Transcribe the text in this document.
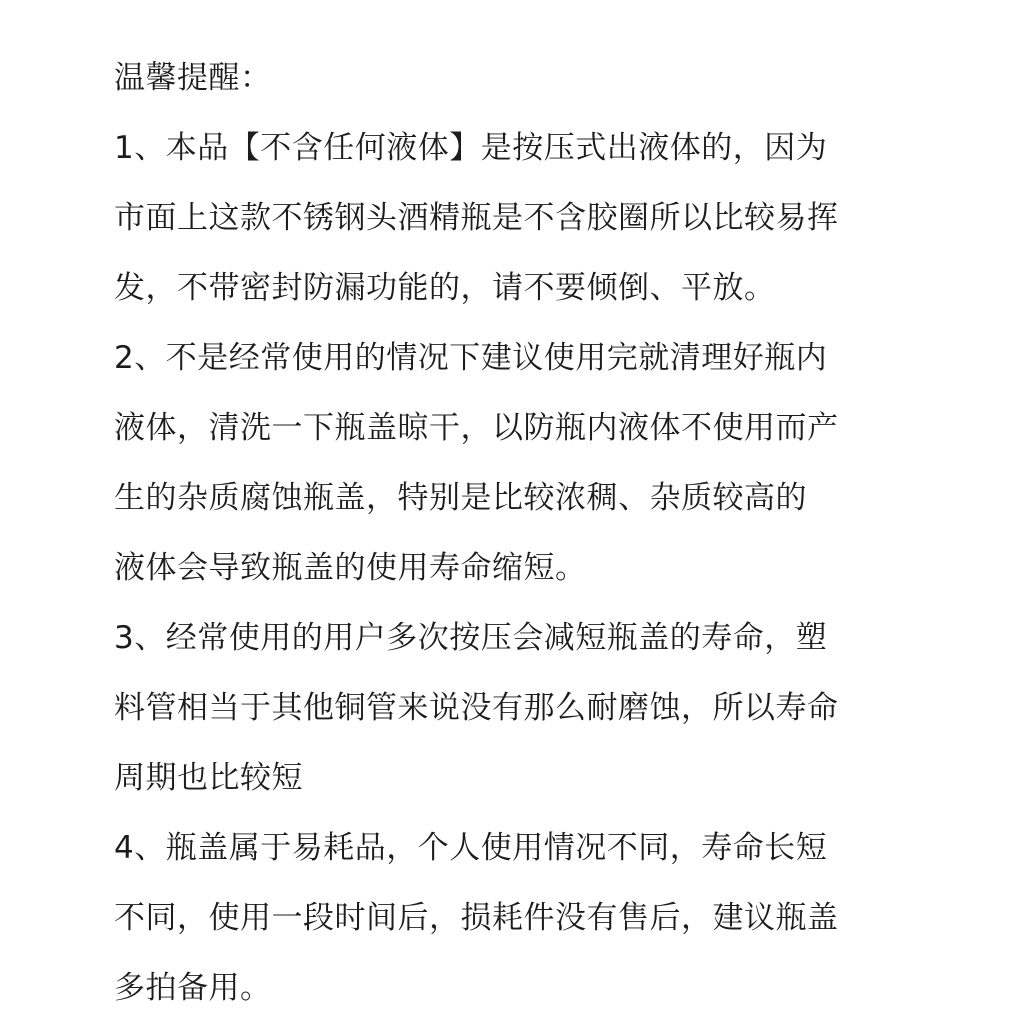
温馨提醒：
1、本品【不含任何液体】是按压式出液体的，因为
市面上这款不锈钢头酒精瓶是不含胶圈所以比较易挥
发，不带密封防漏功能的，请不要倾倒、平放。
2、不是经常使用的情况下建议使用完就清理好瓶内
液体，清洗一下瓶盖晾干，以防瓶内液体不使用而产
生的杂质腐蚀瓶盖，特别是比较浓稠、杂质较高的
液体会导致瓶盖的使用寿命缩短。
3、经常使用的用户多次按压会减短瓶盖的寿命，塑
料管相当于其他铜管来说没有那么耐磨蚀，所以寿命
周期也比较短
4、瓶盖属于易耗品，个人使用情况不同，寿命长短
不同，使用一段时间后，损耗件没有售后，建议瓶盖
多拍备用。
